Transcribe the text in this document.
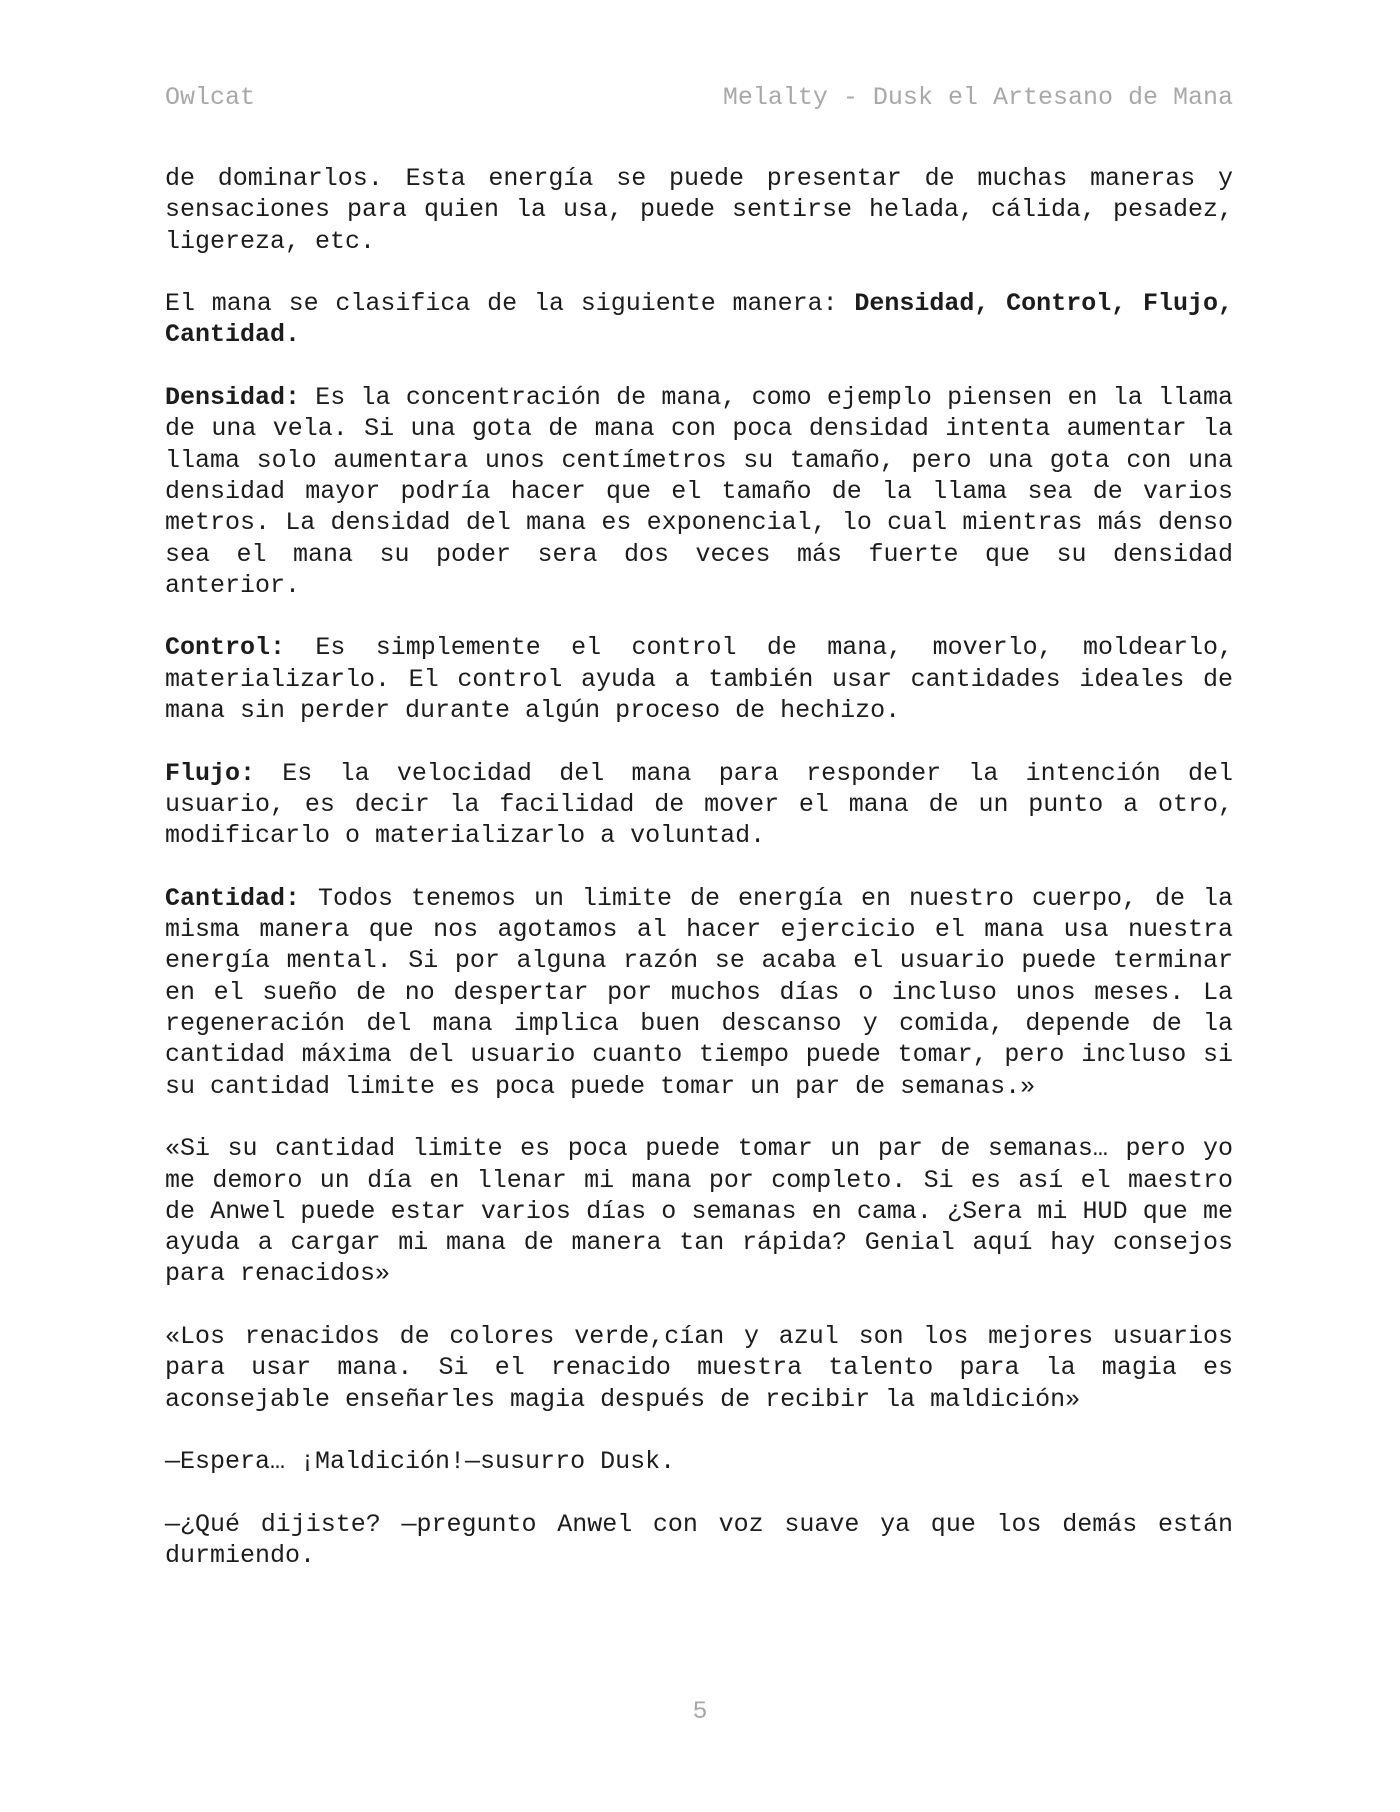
Owlcat	Melalty - Dusk el Artesano de Mana

de dominarlos. Esta energía se puede presentar de muchas maneras y sensaciones para quien la usa, puede sentirse helada, cálida, pesadez, ligereza, etc.

El mana se clasifica de la siguiente manera: Densidad, Control, Flujo, Cantidad.

Densidad: Es la concentración de mana, como ejemplo piensen en la llama de una vela. Si una gota de mana con poca densidad intenta aumentar la llama solo aumentara unos centímetros su tamaño, pero una gota con una densidad mayor podría hacer que el tamaño de la llama sea de varios metros. La densidad del mana es exponencial, lo cual mientras más denso sea el mana su poder sera dos veces más fuerte que su densidad anterior.

Control: Es simplemente el control de mana, moverlo, moldearlo, materializarlo. El control ayuda a también usar cantidades ideales de mana sin perder durante algún proceso de hechizo.

Flujo: Es la velocidad del mana para responder la intención del usuario, es decir la facilidad de mover el mana de un punto a otro, modificarlo o materializarlo a voluntad.

Cantidad: Todos tenemos un limite de energía en nuestro cuerpo, de la misma manera que nos agotamos al hacer ejercicio el mana usa nuestra energía mental. Si por alguna razón se acaba el usuario puede terminar en el sueño de no despertar por muchos días o incluso unos meses. La regeneración del mana implica buen descanso y comida, depende de la cantidad máxima del usuario cuanto tiempo puede tomar, pero incluso si su cantidad limite es poca puede tomar un par de semanas.»

«Si su cantidad limite es poca puede tomar un par de semanas… pero yo me demoro un día en llenar mi mana por completo. Si es así el maestro de Anwel puede estar varios días o semanas en cama. ¿Sera mi HUD que me ayuda a cargar mi mana de manera tan rápida? Genial aquí hay consejos para renacidos»

«Los renacidos de colores verde,cían y azul son los mejores usuarios para usar mana. Si el renacido muestra talento para la magia es aconsejable enseñarles magia después de recibir la maldición»

—Espera… ¡Maldición!—susurro Dusk.

—¿Qué dijiste? —pregunto Anwel con voz suave ya que los demás están durmiendo.

5
